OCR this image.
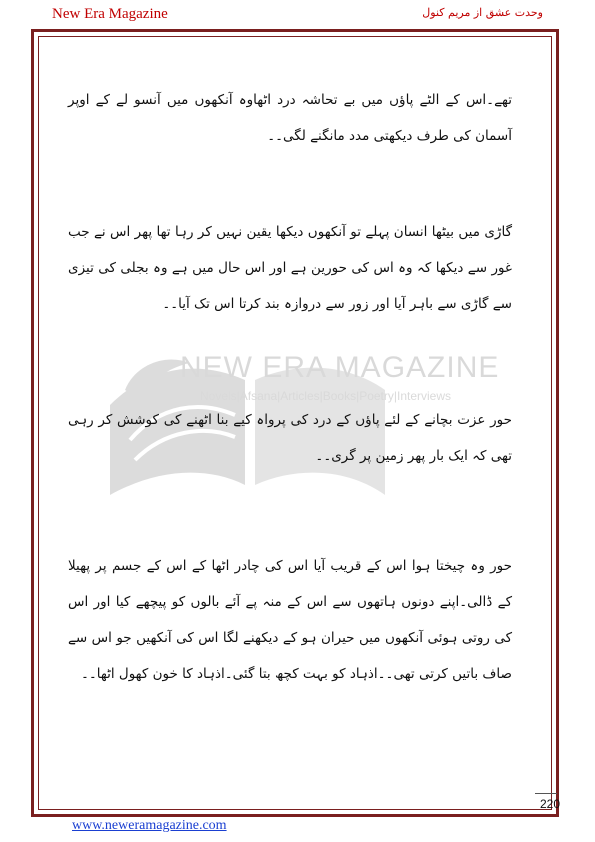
New Era Magazine	وحدت عشق از مریم کنول
NEW ERA MAGAZINE
Novels|Afsana|Articles|Books|Poetry|Interviews

تھے۔اس کے الٹے پاؤں میں بے تحاشہ درد اٹھاوہ آنکھوں میں آنسو لے کے اوپر آسمان کی طرف دیکھتی مدد مانگنے لگی۔۔

گاڑی میں بیٹھا انسان پہلے تو آنکھوں دیکھا یقین نہیں کر رہا تھا پھر اس نے جب غور سے دیکھا کہ وہ اس کی حورین ہے اور اس حال میں ہے وہ بجلی کی تیزی سے گاڑی سے باہر آیا اور زور سے دروازہ بند کرتا اس تک آیا۔۔

حور عزت بچانے کے لئے پاؤں کے درد کی پرواہ کیے بنا اٹھنے کی کوشش کر رہی تھی کہ ایک بار پھر زمین پر گری۔۔

حور وہ چیختا ہوا اس کے قریب آیا اس کی چادر اٹھا کے اس کے جسم پر پھیلا کے ڈالی۔اپنے دونوں ہاتھوں سے اس کے منہ پے آئے بالوں کو پیچھے کیا اور اس کی روتی ہوئی آنکھوں میں حیران ہو کے دیکھنے لگا اس کی آنکھیں جو اس سے صاف باتیں کرتی تھی۔۔اذہاد کو بہت کچھ بتا گئی۔اذہاد کا خون کھول اٹھا۔۔

220
www.neweramagazine.com
